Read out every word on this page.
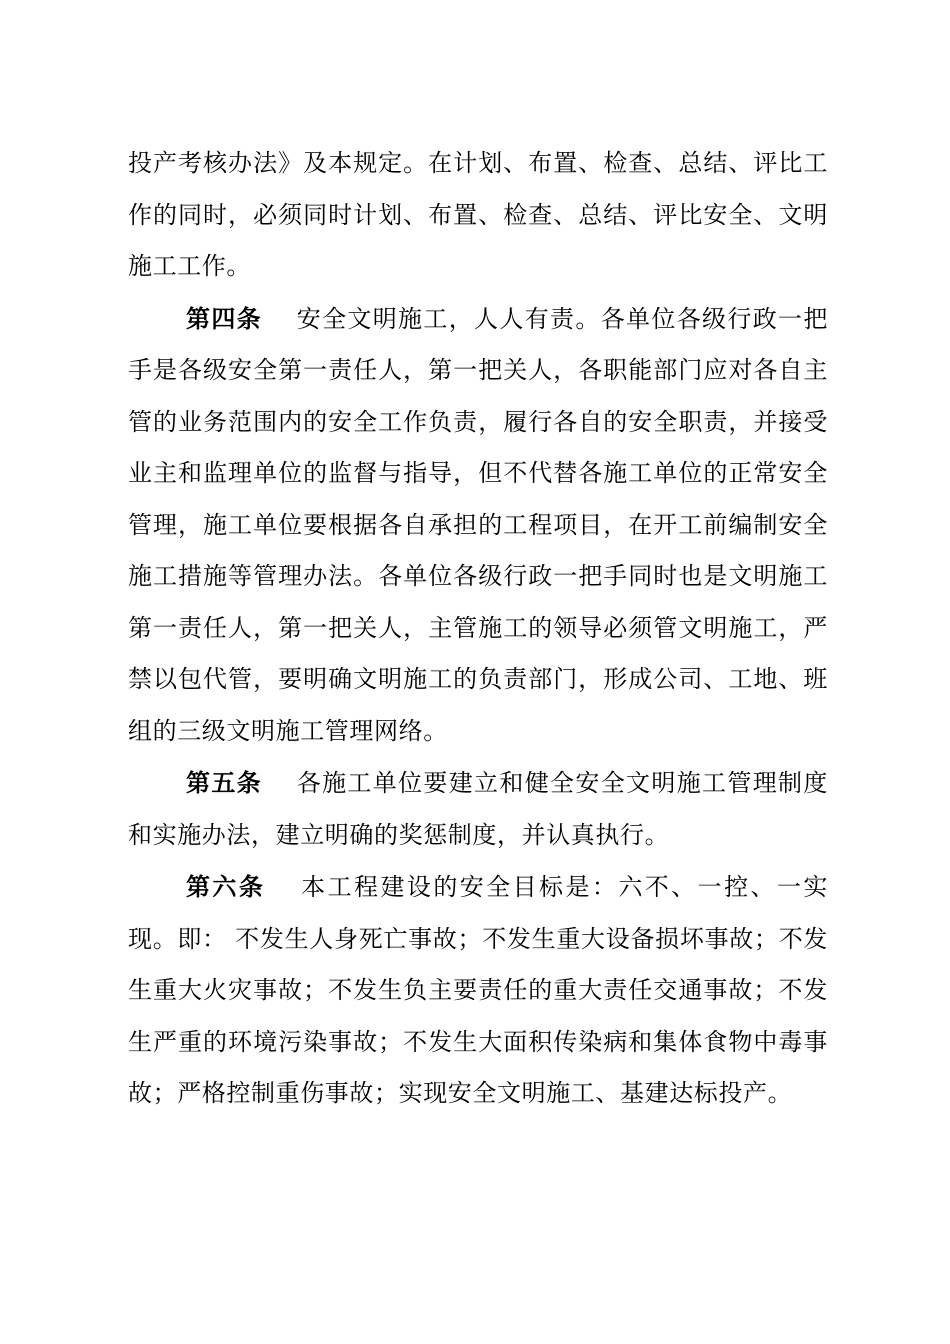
投产考核办法》及本规定。在计划、布置、检查、总结、评比工作的同时，必须同时计划、布置、检查、总结、评比安全、文明施工工作。

第四条 安全文明施工，人人有责。各单位各级行政一把手是各级安全第一责任人，第一把关人，各职能部门应对各自主管的业务范围内的安全工作负责，履行各自的安全职责，并接受业主和监理单位的监督与指导，但不代替各施工单位的正常安全管理，施工单位要根据各自承担的工程项目，在开工前编制安全施工措施等管理办法。各单位各级行政一把手同时也是文明施工第一责任人，第一把关人，主管施工的领导必须管文明施工，严禁以包代管，要明确文明施工的负责部门，形成公司、工地、班组的三级文明施工管理网络。

第五条 各施工单位要建立和健全安全文明施工管理制度和实施办法，建立明确的奖惩制度，并认真执行。

第六条 本工程建设的安全目标是：六不、一控、一实现。即： 不发生人身死亡事故；不发生重大设备损坏事故；不发生重大火灾事故；不发生负主要责任的重大责任交通事故；不发生严重的环境污染事故；不发生大面积传染病和集体食物中毒事故；严格控制重伤事故；实现安全文明施工、基建达标投产。
